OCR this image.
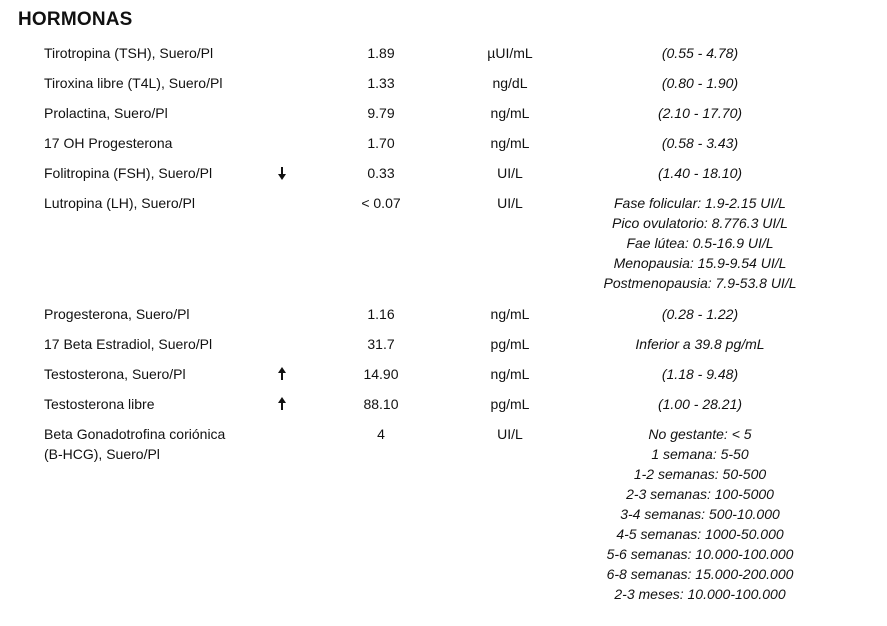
HORMONAS
Tirotropina (TSH), Suero/Pl	1.89	µUI/mL	(0.55 - 4.78)
Tiroxina libre (T4L), Suero/Pl	1.33	ng/dL	(0.80 - 1.90)
Prolactina, Suero/Pl	9.79	ng/mL	(2.10 - 17.70)
17 OH Progesterona	1.70	ng/mL	(0.58 - 3.43)
Folitropina (FSH), Suero/Pl	0.33	UI/L	(1.40 - 18.10)
Lutropina (LH), Suero/Pl	< 0.07	UI/L	Fase folicular: 1.9-2.15 UI/L
Pico ovulatorio: 8.776.3 UI/L
Fae lútea: 0.5-16.9 UI/L
Menopausia: 15.9-9.54 UI/L
Postmenopausia: 7.9-53.8 UI/L
Progesterona, Suero/Pl	1.16	ng/mL	(0.28 - 1.22)
17 Beta Estradiol, Suero/Pl	31.7	pg/mL	Inferior a 39.8 pg/mL
Testosterona, Suero/Pl	14.90	ng/mL	(1.18 - 9.48)
Testosterona libre	88.10	pg/mL	(1.00 - 28.21)
Beta Gonadotrofina coriónica
(B-HCG), Suero/Pl
4	UI/L	No gestante: < 5
1 semana: 5-50
1-2 semanas: 50-500
2-3 semanas: 100-5000
3-4 semanas: 500-10.000
4-5 semanas: 1000-50.000
5-6 semanas: 10.000-100.000
6-8 semanas: 15.000-200.000
2-3 meses: 10.000-100.000
